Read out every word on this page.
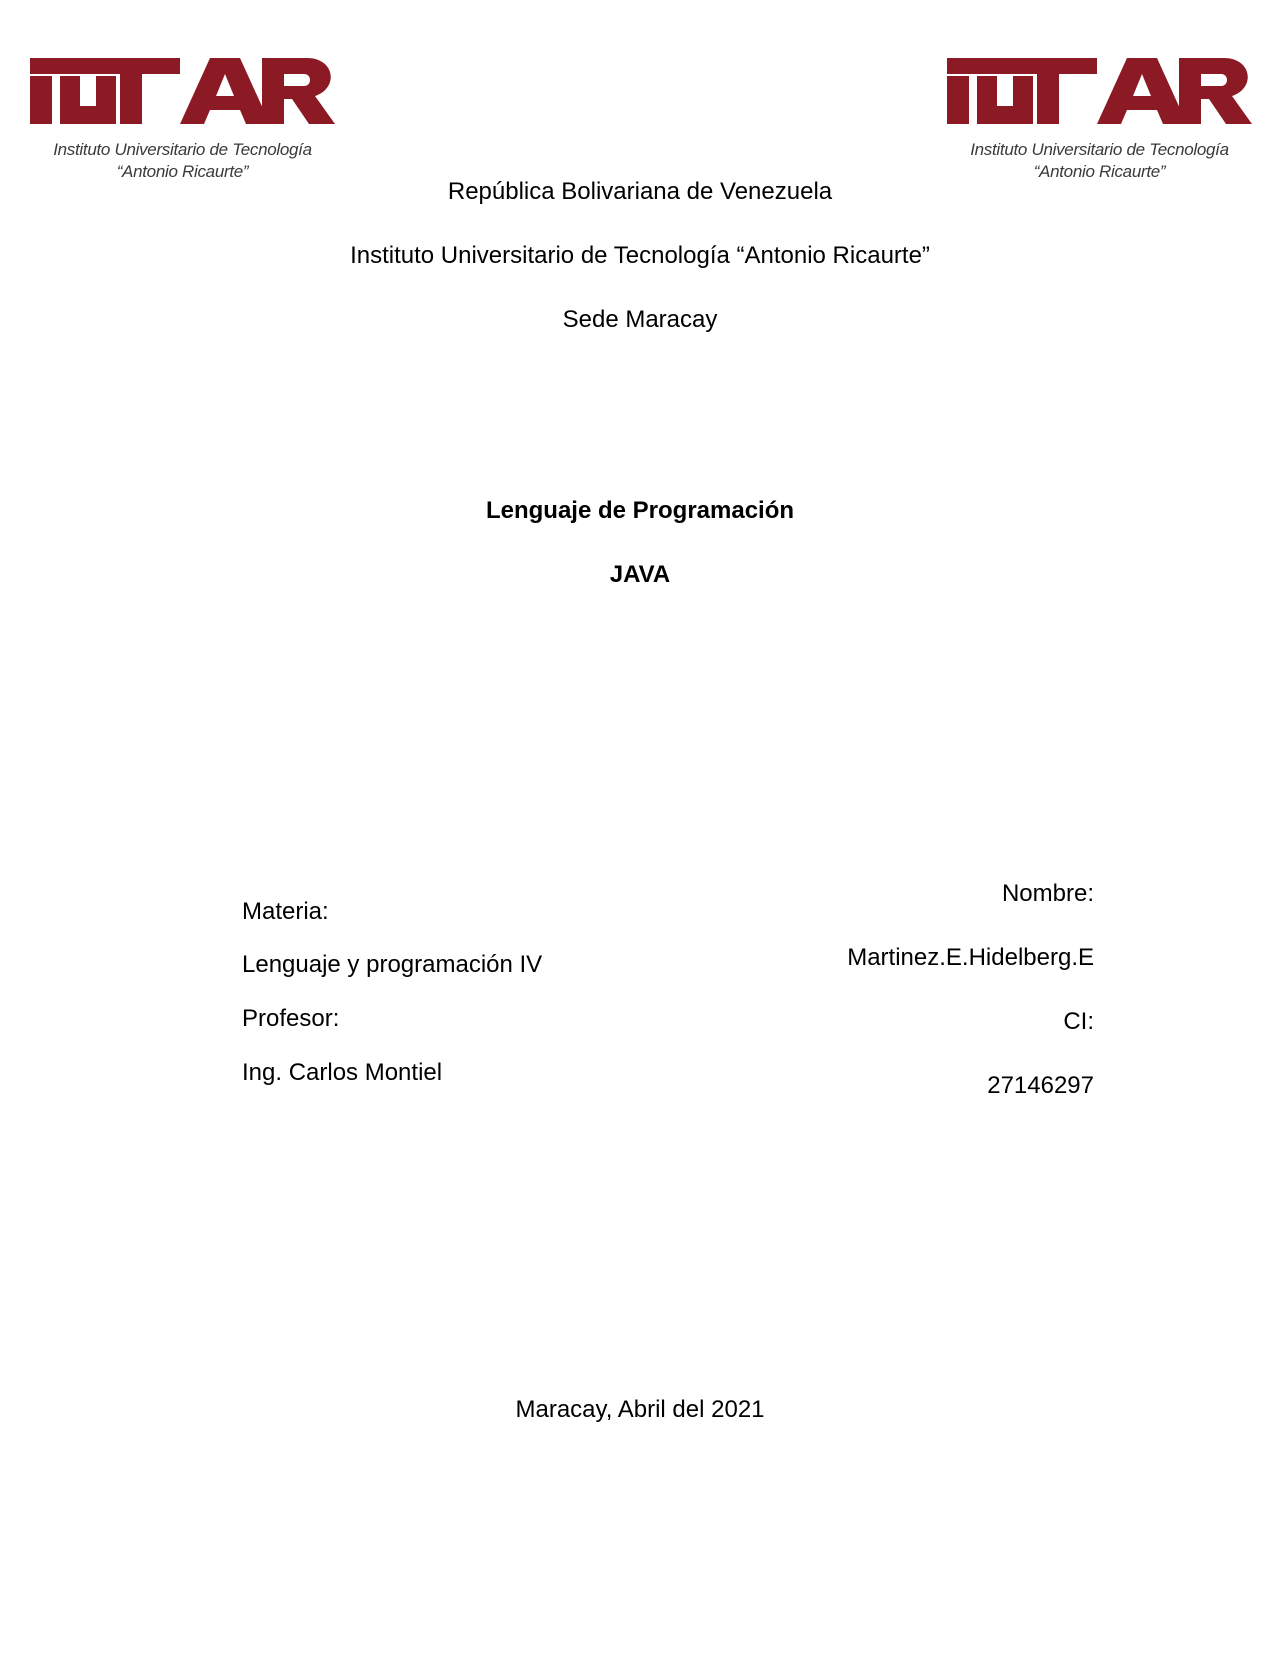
Instituto Universitario de Tecnología
“Antonio Ricaurte”
Instituto Universitario de Tecnología
“Antonio Ricaurte”
República Bolivariana de Venezuela
Instituto Universitario de Tecnología “Antonio Ricaurte”
Sede Maracay
Lenguaje de Programación
JAVA
Materia:
Lenguaje y programación IV
Profesor:
Ing. Carlos Montiel
Nombre:
Martinez.E.Hidelberg.E
CI:
27146297
Maracay, Abril del 2021
